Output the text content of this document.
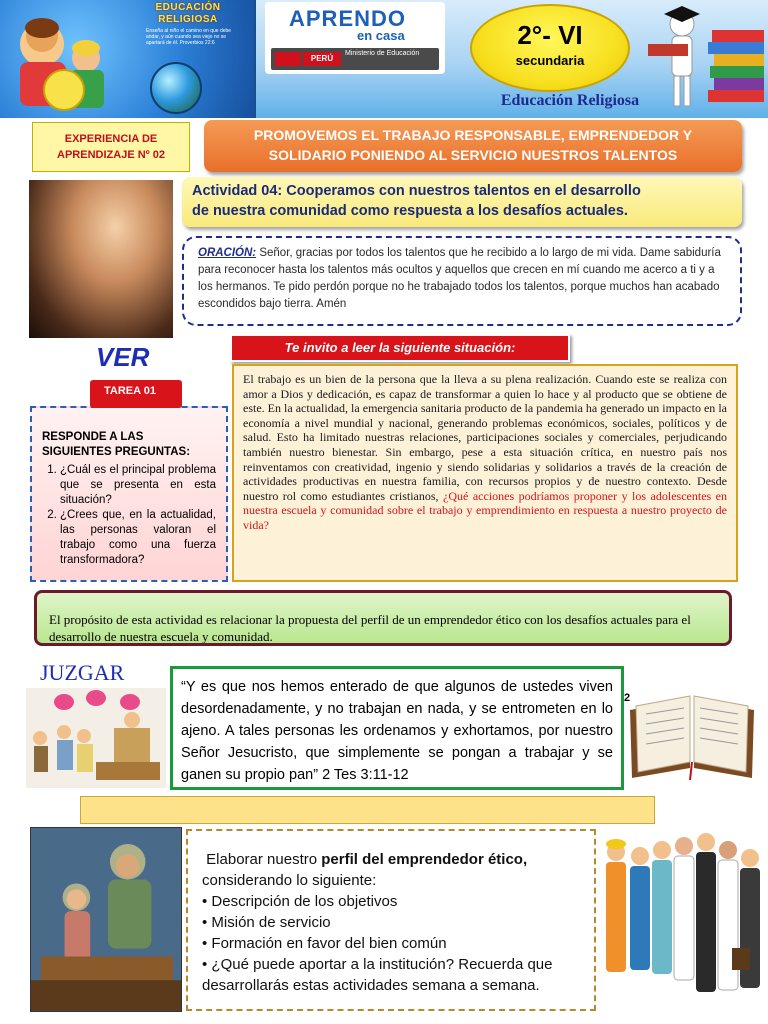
EDUCACIÓN
RELIGIOSA
Enseña al niño el camino en que debe andar, y aún cuando sea viejo no se apartará de él. Proverbios 22:6
APRENDO
en casa
PERÚ
Ministerio de Educación
2°- VI
secundaria
Educación Religiosa
EXPERIENCIA DE
APRENDIZAJE Nº 02
PROMOVEMOS EL TRABAJO RESPONSABLE, EMPRENDEDOR Y
SOLIDARIO PONIENDO AL SERVICIO NUESTROS TALENTOS
Actividad 04: Cooperamos con nuestros talentos en el desarrollo
de nuestra comunidad como respuesta a los desafíos actuales.
ORACIÓN: Señor, gracias por todos los talentos que he recibido a lo largo de mi vida. Dame sabiduría para reconocer hasta los talentos más ocultos y aquellos que crecen en mí cuando me acerco a ti y a los hermanos. Te pido perdón porque no he trabajado todos los talentos, porque muchos han acabado escondidos bajo tierra. Amén
VER	Te invito a leer la siguiente situación:
RESPONDE A LAS SIGUIENTES PREGUNTAS:
1. ¿Cuál es el principal problema que se presenta en esta situación?
2. ¿Crees que, en la actualidad, las personas valoran el trabajo como una fuerza transformadora?
TAREA 01
El trabajo es un bien de la persona que la lleva a su plena realización. Cuando este se realiza con amor a Dios y dedicación, es capaz de transformar a quien lo hace y al producto que se obtiene de este. En la actualidad, la emergencia sanitaria producto de la pandemia ha generado un impacto en la economía a nivel mundial y nacional, generando problemas económicos, sociales, políticos y de salud. Esto ha limitado nuestras relaciones, participaciones sociales y comerciales, perjudicando también nuestro bienestar. Sin embargo, pese a esta situación crítica, en nuestro país nos reinventamos con creatividad, ingenio y siendo solidarias y solidarios a través de la creación de actividades productivas en nuestra familia, con recursos propios y de nuestro contexto. Desde nuestro rol como estudiantes cristianos, ¿Qué acciones podríamos proponer y los adolescentes en nuestra escuela y comunidad sobre el trabajo y emprendimiento en respuesta a nuestro proyecto de vida?
El propósito de esta actividad es relacionar la propuesta del perfil de un emprendedor ético con los desafíos actuales para el desarrollo de nuestra escuela y comunidad.
JUZGAR
“Y es que nos hemos enterado de que algunos de ustedes viven desordenadamente, y no trabajan en nada, y se entrometen en lo ajeno. A tales personas les ordenamos y exhortamos, por nuestro Señor Jesucristo, que simplemente se pongan a trabajar y se ganen su propio pan” 2 Tes 3:11-12
2
Elaborar nuestro perfil del emprendedor ético,
considerando lo siguiente:
• Descripción de los objetivos
• Misión de servicio
• Formación en favor del bien común
• ¿Qué puede aportar a la institución? Recuerda que desarrollarás estas actividades semana a semana.
